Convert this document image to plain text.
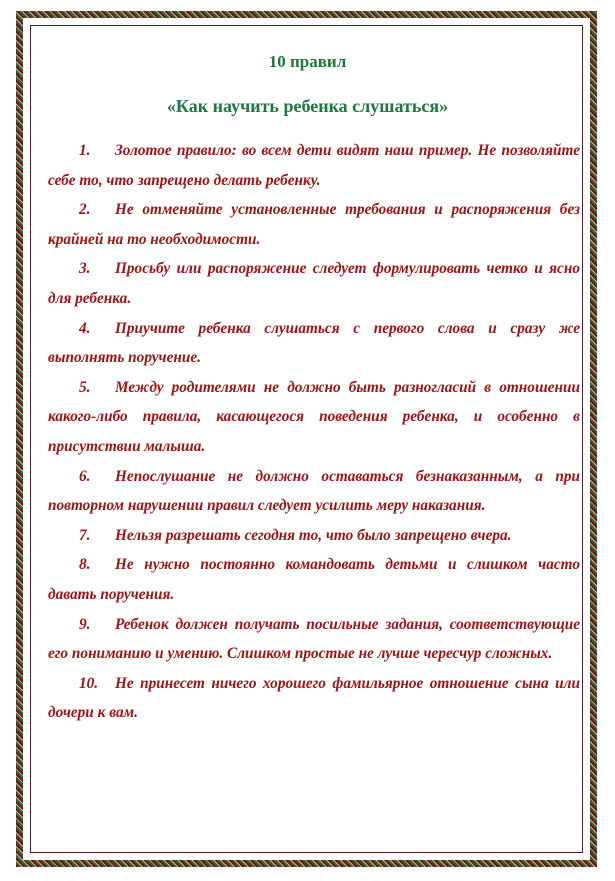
10 правил
«Как научить ребенка слушаться»
1. Золотое правило: во всем дети видят наш пример. Не позволяйте себе то, что запрещено делать ребенку.
2. Не отменяйте установленные требования и распоряжения без крайней на то необходимости.
3. Просьбу или распоряжение следует формулировать четко и ясно для ребенка.
4. Приучите ребенка слушаться с первого слова и сразу же выполнять поручение.
5. Между родителями не должно быть разногласий в отношении какого-либо правила, касающегося поведения ребенка, и особенно в присутствии малыша.
6. Непослушание не должно оставаться безнаказанным, а при повторном нарушении правил следует усилить меру наказания.
7. Нельзя разрешать сегодня то, что было запрещено вчера.
8. Не нужно постоянно командовать детьми и слишком часто давать поручения.
9. Ребенок должен получать посильные задания, соответствующие его пониманию и умению. Слишком простые не лучше чересчур сложных.
10. Не принесет ничего хорошего фамильярное отношение сына или дочери к вам.
